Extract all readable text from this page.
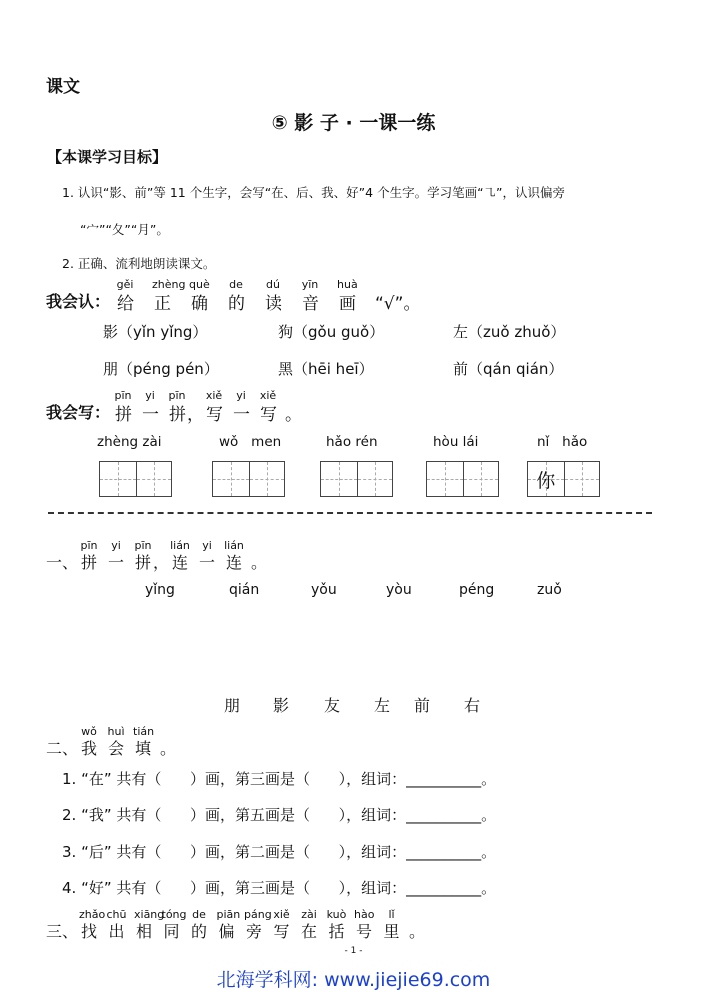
课文
⑤ 影 子 · 一课一练
【本课学习目标】
1. 认识“影、前”等 11 个生字，会写“在、后、我、好”4 个生字。学习笔画“㇈”，认识偏旁
“宀”“夂”“月”。
2. 正确、流利地朗读课文。
我会认：
gěi
给
zhèng
正
què
确
de
的
dú
读
yīn
音
huà
画 “√”。
影（yǐn yǐng）	狗（gǒu guǒ）	左（zuǒ zhuǒ）
朋（péng pén）	黑（hēi heī）	前（qán qián）
我会写：
pīn
拼
yi
一
pīn
拼 ，
xiě
写
yi
一
xiě
写 。
zhèng zài	wǒ   men	hǎo rén	hòu lái	nǐ   hǎo
你
一、
pīn
拼
yi
一
pīn
拼 ，
lián
连
yi
一
lián
连 。
yǐng	qián	yǒu	yòu	péng	zuǒ
朋 影 友 左 前 右
二、
wǒ
我
huì
会
tián
填 。
1. “在” 共有（      ）画，第三画是（      ），组词：__________。
2. “我” 共有（      ）画，第五画是（      ），组词：__________。
3. “后” 共有（      ）画，第二画是（      ），组词：__________。
4. “好” 共有（      ）画，第三画是（      ），组词：__________。
三、
zhǎo
找
chū
出
xiāng
相
tóng
同
de
的
piān
偏
páng
旁
xiě
写
zài
在
kuò
括
hào
号
lǐ
里 。
- 1 -
北海学科网: www.jiejie69.com
